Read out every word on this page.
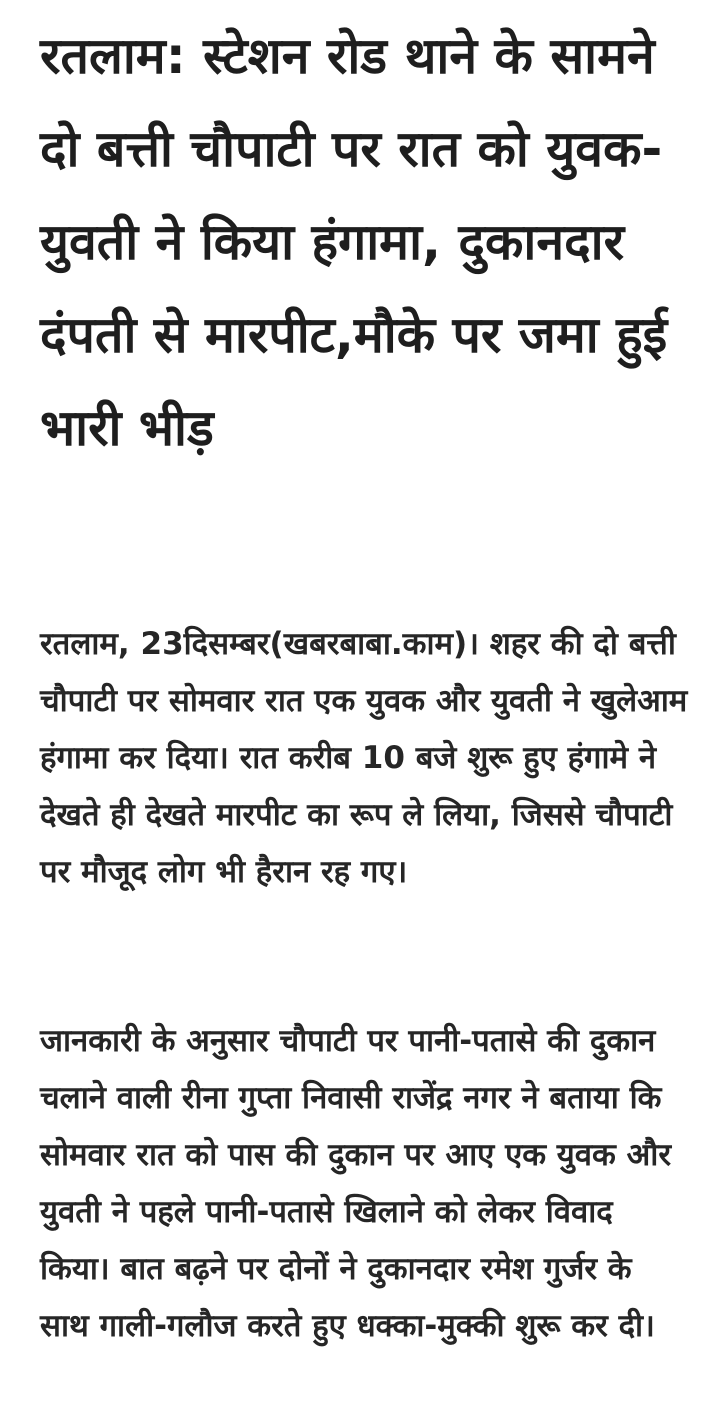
रतलाम: स्टेशन रोड थाने के सामने दो बत्ती चौपाटी पर रात को युवक-युवती ने किया हंगामा, दुकानदार दंपती से मारपीट,मौके पर जमा हुई भारी भीड़

रतलाम, 23दिसम्बर(खबरबाबा.काम)। शहर की दो बत्ती चौपाटी पर सोमवार रात एक युवक और युवती ने खुलेआम हंगामा कर दिया। रात करीब 10 बजे शुरू हुए हंगामे ने देखते ही देखते मारपीट का रूप ले लिया, जिससे चौपाटी पर मौजूद लोग भी हैरान रह गए।

जानकारी के अनुसार चौपाटी पर पानी-पतासे की दुकान चलाने वाली रीना गुप्ता निवासी राजेंद्र नगर ने बताया कि सोमवार रात को पास की दुकान पर आए एक युवक और युवती ने पहले पानी-पतासे खिलाने को लेकर विवाद किया। बात बढ़ने पर दोनों ने दुकानदार रमेश गुर्जर के साथ गाली-गलौज करते हुए धक्का-मुक्की शुरू कर दी।
